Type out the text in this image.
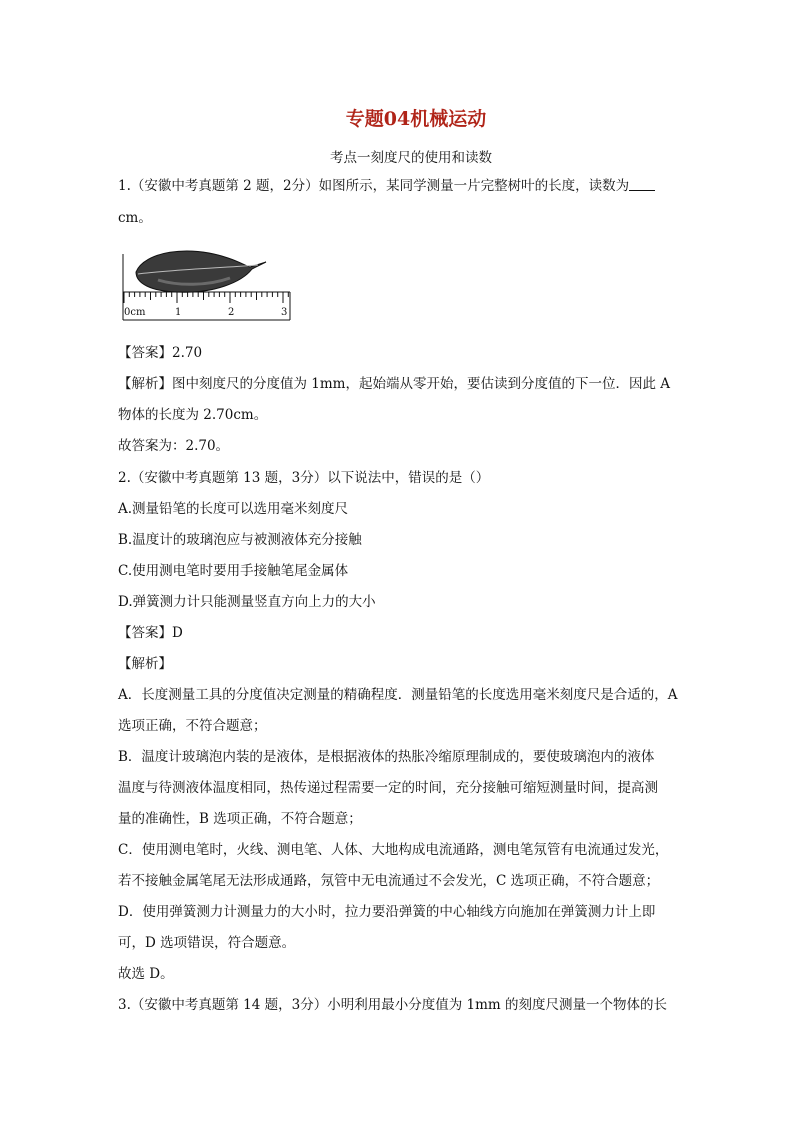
专题04机械运动
考点一刻度尺的使用和读数
1.（安徽中考真题第 2 题，2分）如图所示，某同学测量一片完整树叶的长度，读数为
cm。
0cm	1	2	3
【答案】2.70
【解析】图中刻度尺的分度值为 1mm，起始端从零开始，要估读到分度值的下一位．因此 A
物体的长度为 2.70cm。
故答案为：2.70。
2.（安徽中考真题第 13 题，3分）以下说法中，错误的是（）
A.测量铅笔的长度可以选用毫米刻度尺
B.温度计的玻璃泡应与被测液体充分接触
C.使用测电笔时要用手接触笔尾金属体
D.弹簧测力计只能测量竖直方向上力的大小
【答案】D
【解析】
A．长度测量工具的分度值决定测量的精确程度．测量铅笔的长度选用毫米刻度尺是合适的，A
选项正确，不符合题意；
B．温度计玻璃泡内装的是液体，是根据液体的热胀冷缩原理制成的，要使玻璃泡内的液体
温度与待测液体温度相同，热传递过程需要一定的时间，充分接触可缩短测量时间，提高测
量的准确性，B 选项正确，不符合题意；
C．使用测电笔时，火线、测电笔、人体、大地构成电流通路，测电笔氖管有电流通过发光，
若不接触金属笔尾无法形成通路，氖管中无电流通过不会发光，C 选项正确，不符合题意；
D．使用弹簧测力计测量力的大小时，拉力要沿弹簧的中心轴线方向施加在弹簧测力计上即
可，D 选项错误，符合题意。
故选 D。
3.（安徽中考真题第 14 题，3分）小明利用最小分度值为 1mm 的刻度尺测量一个物体的长
